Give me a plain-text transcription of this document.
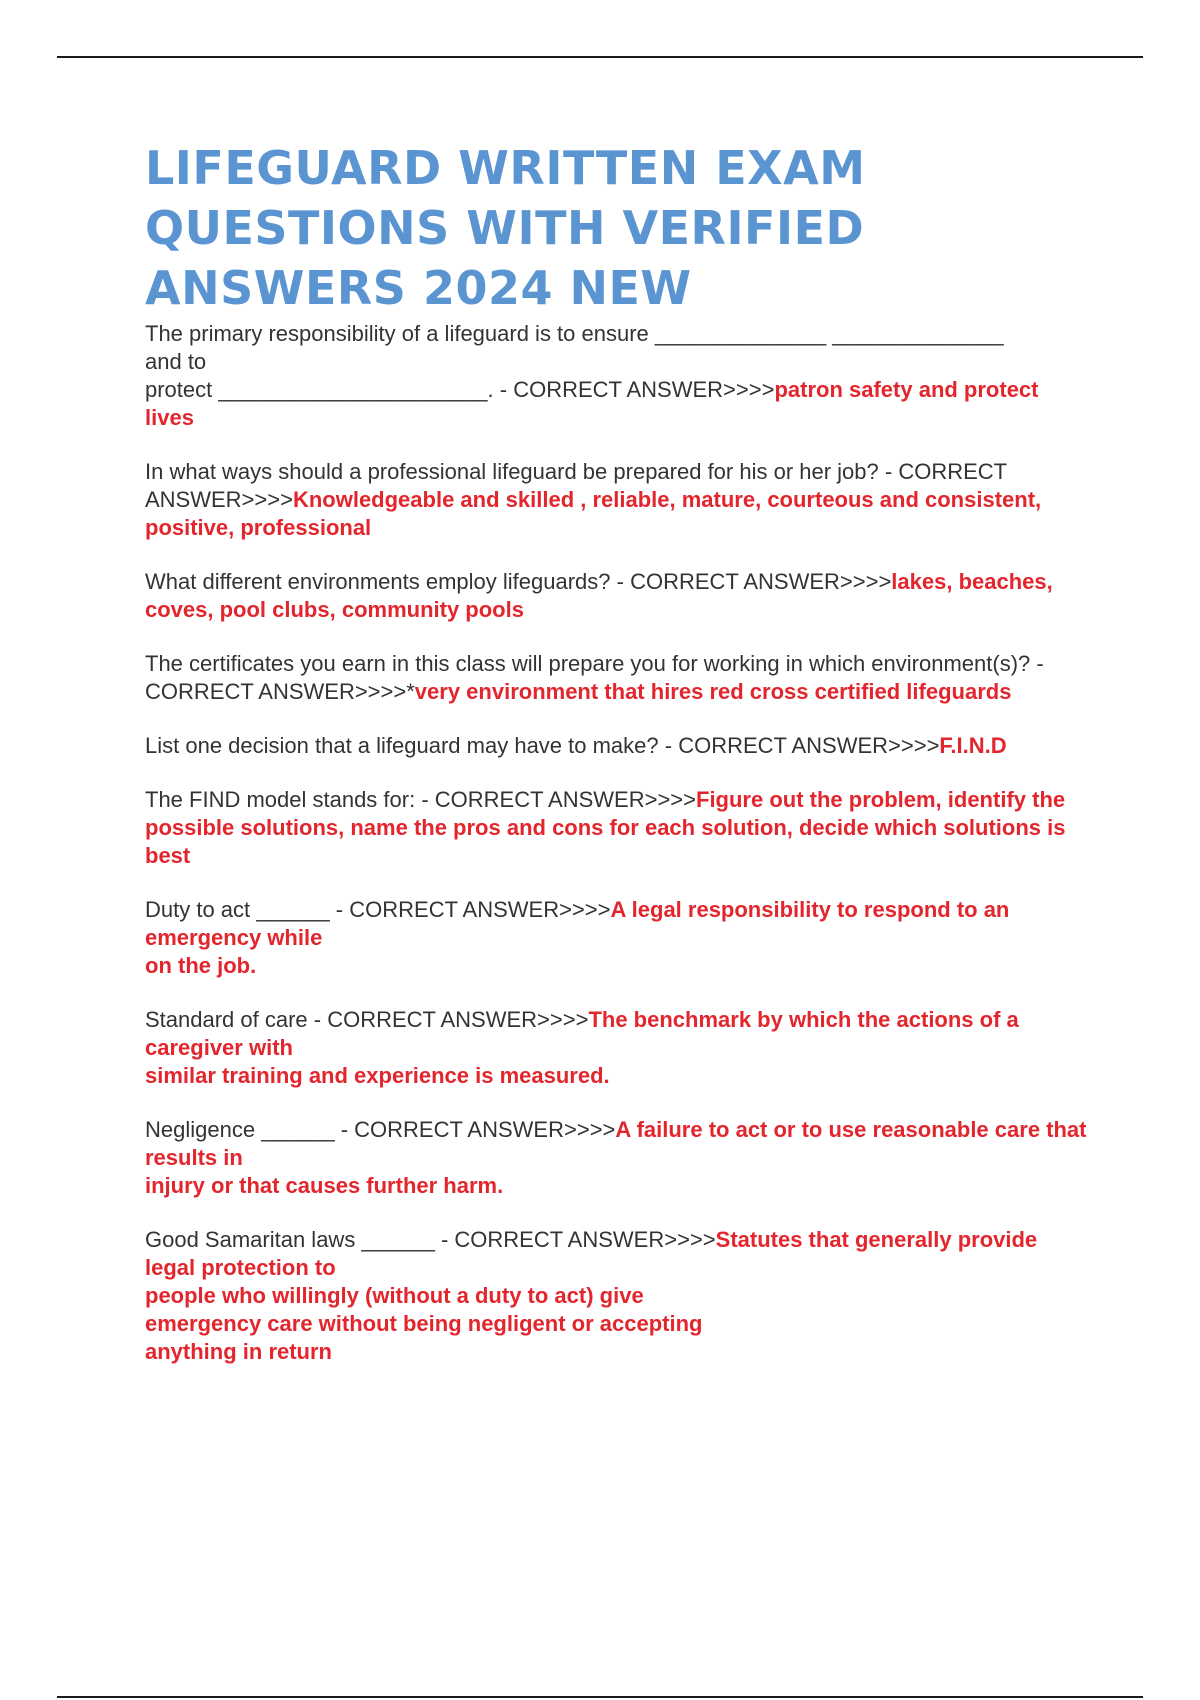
LIFEGUARD WRITTEN EXAM
QUESTIONS WITH VERIFIED
ANSWERS 2024 NEW
The primary responsibility of a lifeguard is to ensure ______________ ______________
and to
protect ______________________. - CORRECT ANSWER>>>>patron safety and protect lives
In what ways should a professional lifeguard be prepared for his or her job? - CORRECT ANSWER>>>>Knowledgeable and skilled , reliable, mature, courteous and consistent, positive, professional
What different environments employ lifeguards? - CORRECT ANSWER>>>>lakes, beaches, coves, pool clubs, community pools
The certificates you earn in this class will prepare you for working in which environment(s)? - CORRECT ANSWER>>>>*very environment that hires red cross certified lifeguards
List one decision that a lifeguard may have to make? - CORRECT ANSWER>>>>F.I.N.D
The FIND model stands for: - CORRECT ANSWER>>>>Figure out the problem, identify the possible solutions, name the pros and cons for each solution, decide which solutions is best
Duty to act ______ - CORRECT ANSWER>>>>A legal responsibility to respond to an emergency while
on the job.
Standard of care - CORRECT ANSWER>>>>The benchmark by which the actions of a caregiver with
similar training and experience is measured.
Negligence ______ - CORRECT ANSWER>>>>A failure to act or to use reasonable care that results in
injury or that causes further harm.
Good Samaritan laws ______ - CORRECT ANSWER>>>>Statutes that generally provide legal protection to
people who willingly (without a duty to act) give
emergency care without being negligent or accepting
anything in return
